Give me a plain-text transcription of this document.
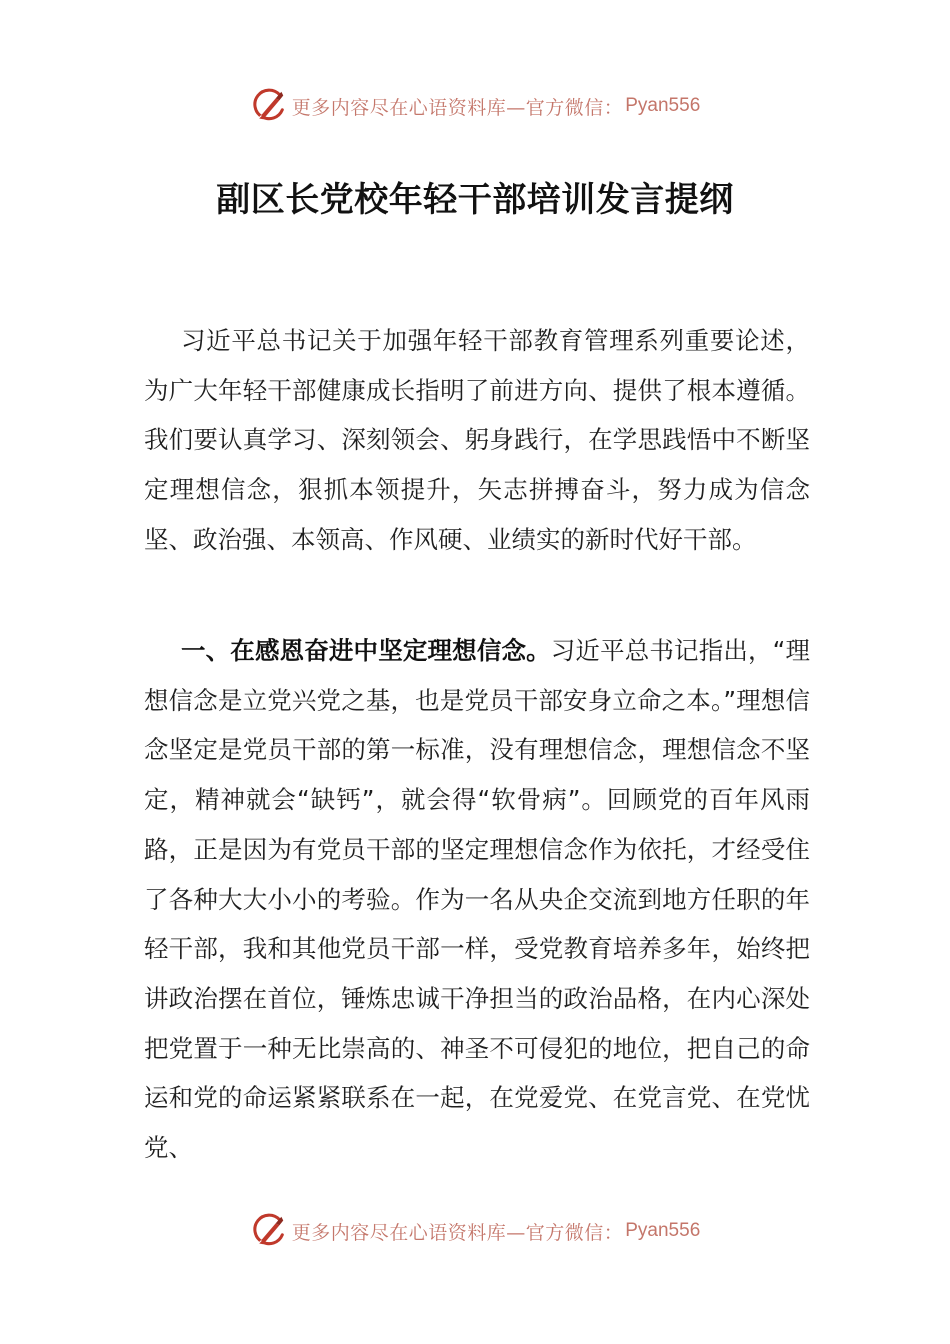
更多内容尽在心语资料库—官方微信： Pyan556
副区长党校年轻干部培训发言提纲

习近平总书记关于加强年轻干部教育管理系列重要论述，为广大年轻干部健康成长指明了前进方向、提供了根本遵循。我们要认真学习、深刻领会、躬身践行，在学思践悟中不断坚定理想信念，狠抓本领提升，矢志拼搏奋斗，努力成为信念坚、政治强、本领高、作风硬、业绩实的新时代好干部。

一、在感恩奋进中坚定理想信念。习近平总书记指出，“理想信念是立党兴党之基，也是党员干部安身立命之本。”理想信念坚定是党员干部的第一标准，没有理想信念，理想信念不坚定，精神就会“缺钙”，就会得“软骨病”。回顾党的百年风雨路，正是因为有党员干部的坚定理想信念作为依托，才经受住了各种大大小小的考验。作为一名从央企交流到地方任职的年轻干部，我和其他党员干部一样，受党教育培养多年，始终把讲政治摆在首位，锤炼忠诚干净担当的政治品格，在内心深处把党置于一种无比崇高的、神圣不可侵犯的地位，把自己的命运和党的命运紧紧联系在一起，在党爱党、在党言党、在党忧党、

更多内容尽在心语资料库—官方微信： Pyan556
